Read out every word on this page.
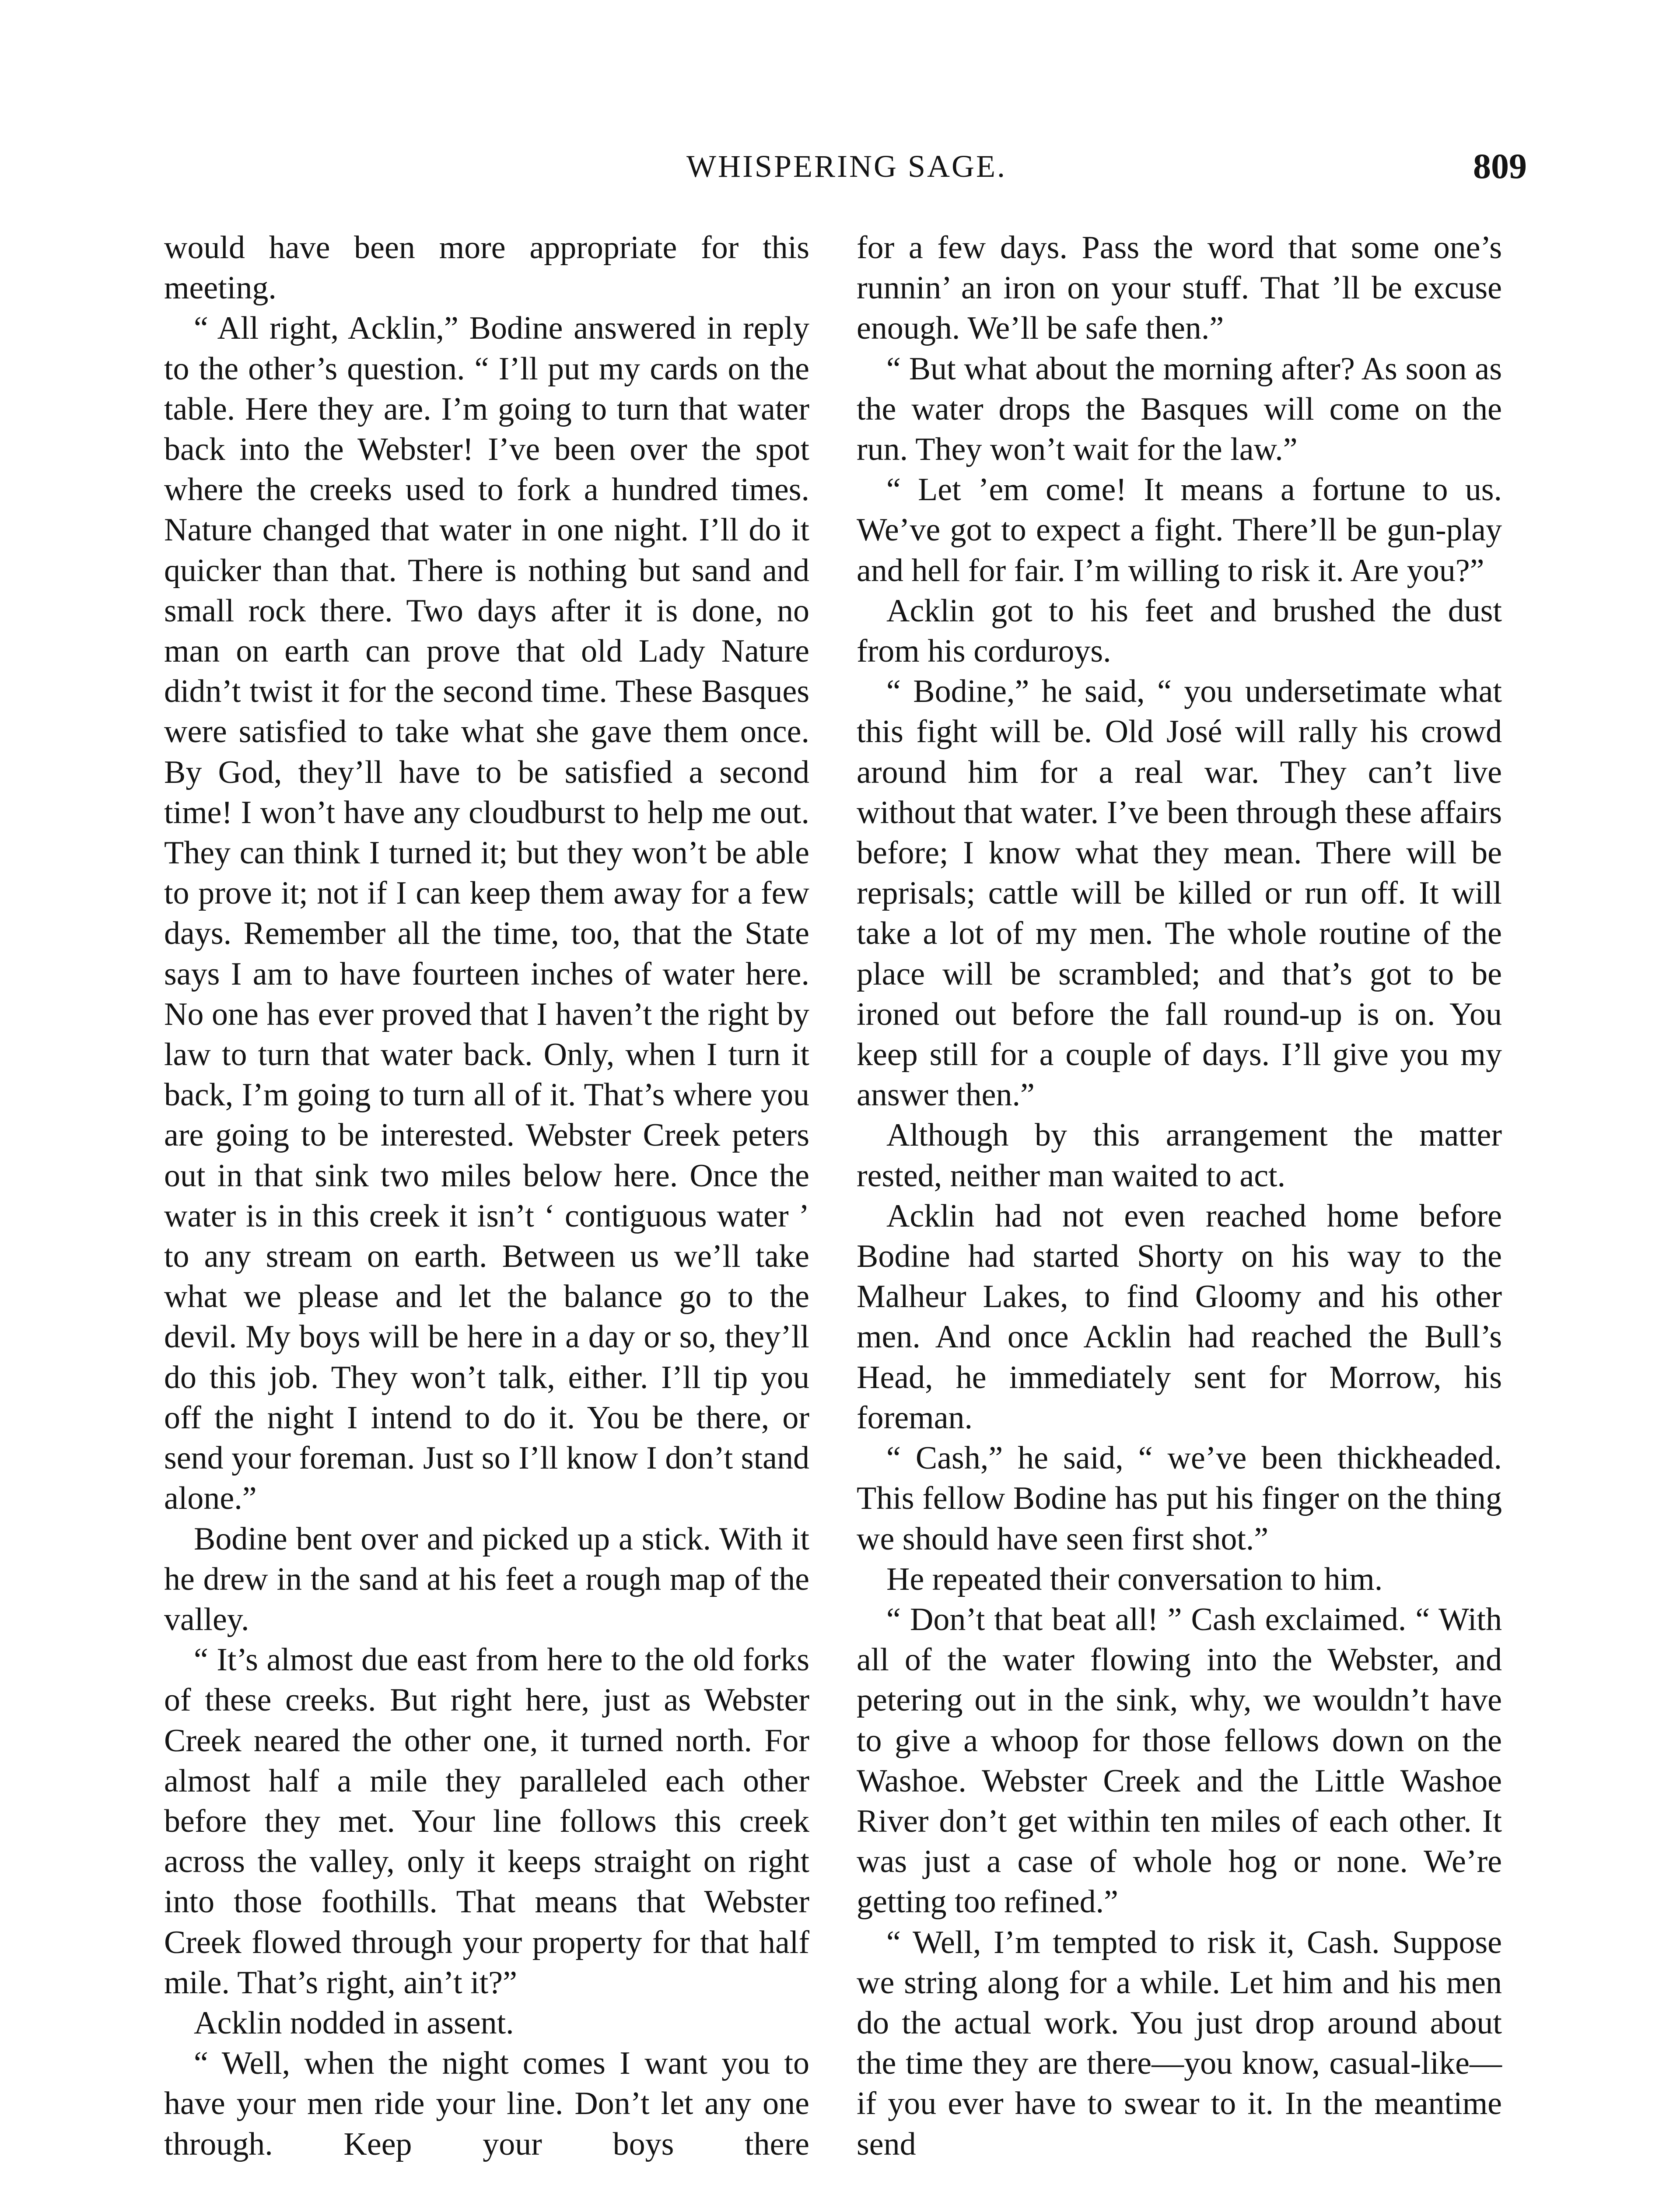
WHISPERING SAGE.	809

would have been more appropriate for this meeting.

“ All right, Acklin,” Bodine answered in reply to the other’s question. “ I’ll put my cards on the table. Here they are. I’m going to turn that water back into the Webster! I’ve been over the spot where the creeks used to fork a hundred times. Nature changed that water in one night. I’ll do it quicker than that. There is nothing but sand and small rock there. Two days after it is done, no man on earth can prove that old Lady Nature didn’t twist it for the second time. These Basques were satisfied to take what she gave them once. By God, they’ll have to be satisfied a second time! I won’t have any cloudburst to help me out. They can think I turned it; but they won’t be able to prove it; not if I can keep them away for a few days. Remember all the time, too, that the State says I am to have fourteen inches of water here. No one has ever proved that I haven’t the right by law to turn that water back. Only, when I turn it back, I’m going to turn all of it. That’s where you are going to be interested. Webster Creek peters out in that sink two miles below here. Once the water is in this creek it isn’t ‘ contiguous water ’ to any stream on earth. Between us we’ll take what we please and let the balance go to the devil. My boys will be here in a day or so, they’ll do this job. They won’t talk, either. I’ll tip you off the night I intend to do it. You be there, or send your foreman. Just so I’ll know I don’t stand alone.”

Bodine bent over and picked up a stick. With it he drew in the sand at his feet a rough map of the valley.

“ It’s almost due east from here to the old forks of these creeks. But right here, just as Webster Creek neared the other one, it turned north. For almost half a mile they paralleled each other before they met. Your line follows this creek across the valley, only it keeps straight on right into those foothills. That means that Webster Creek flowed through your property for that half mile. That’s right, ain’t it?”

Acklin nodded in assent.

“ Well, when the night comes I want you to have your men ride your line. Don’t let any one through. Keep your boys there

for a few days. Pass the word that some one’s runnin’ an iron on your stuff. That ’ll be excuse enough. We’ll be safe then.”

“ But what about the morning after? As soon as the water drops the Basques will come on the run. They won’t wait for the law.”

“ Let ’em come! It means a fortune to us. We’ve got to expect a fight. There’ll be gun-play and hell for fair. I’m willing to risk it. Are you?”

Acklin got to his feet and brushed the dust from his corduroys.

“ Bodine,” he said, “ you undersetimate what this fight will be. Old José will rally his crowd around him for a real war. They can’t live without that water. I’ve been through these affairs before; I know what they mean. There will be reprisals; cattle will be killed or run off. It will take a lot of my men. The whole routine of the place will be scrambled; and that’s got to be ironed out before the fall round-up is on. You keep still for a couple of days. I’ll give you my answer then.”

Although by this arrangement the matter rested, neither man waited to act.

Acklin had not even reached home before Bodine had started Shorty on his way to the Malheur Lakes, to find Gloomy and his other men. And once Acklin had reached the Bull’s Head, he immediately sent for Morrow, his foreman.

“ Cash,” he said, “ we’ve been thickheaded. This fellow Bodine has put his finger on the thing we should have seen first shot.”

He repeated their conversation to him.

“ Don’t that beat all! ” Cash exclaimed. “ With all of the water flowing into the Webster, and petering out in the sink, why, we wouldn’t have to give a whoop for those fellows down on the Washoe. Webster Creek and the Little Washoe River don’t get within ten miles of each other. It was just a case of whole hog or none. We’re getting too refined.”

“ Well, I’m tempted to risk it, Cash. Suppose we string along for a while. Let him and his men do the actual work. You just drop around about the time they are there—you know, casual-like—if you ever have to swear to it. In the meantime send
